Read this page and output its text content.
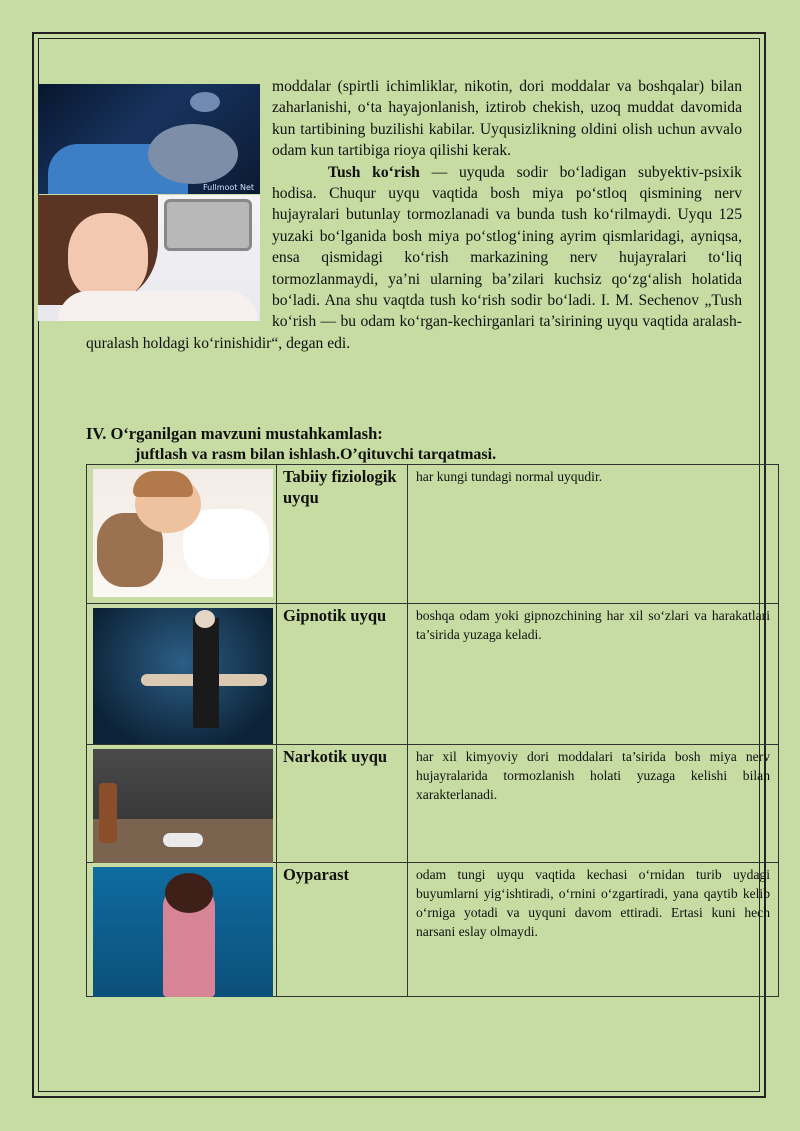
Fullmoot Net

moddalar (spirtli ichimliklar, nikotin, dori moddalar va boshqalar) bilan zaharlanishi, o‘ta hayajonlanish, iztirob chekish, uzoq muddat davomida kun tartibining buzilishi kabilar. Uyqusizlikning oldini olish uchun avvalo odam kun tartibiga rioya qilishi kerak.

Tush ko‘rish — uyquda sodir bo‘ladigan subyektiv-psixik hodisa. Chuqur uyqu vaqtida bosh miya po‘stloq qismining nerv hujayralari butunlay tormozlanadi va bunda tush ko‘rilmaydi. Uyqu 125 yuzaki bo‘lganida bosh miya po‘stlog‘ining ayrim qismlaridagi, ayniqsa, ensa qismidagi ko‘rish markazining nerv hujayralari to‘liq tormozlanmaydi, ya’ni ularning ba’zilari kuchsiz qo‘zg‘alish holatida bo‘ladi. Ana shu vaqtda tush ko‘rish sodir bo‘ladi. I. M. Sechenov „Tush ko‘rish — bu odam ko‘rgan-kechirganlari ta’sirining uyqu vaqtida aralash-quralash holdagi ko‘rinishidir“, degan edi.

IV. O‘rganilgan mavzuni mustahkamlash:
juftlash va rasm bilan ishlash.O’qituvchi tarqatmasi.

	Tabiiy fiziologik uyqu	har kungi tundagi normal uyqudir.

	Gipnotik uyqu	boshqa odam yoki gipnozchining har xil so‘zlari va harakatlari ta’sirida yuzaga keladi.

	Narkotik uyqu	har xil kimyoviy dori moddalari ta’sirida bosh miya nerv hujayralarida tormozlanish holati yuzaga kelishi bilan xarakterlanadi.

	Oyparast	odam tungi uyqu vaqtida kechasi o‘rnidan turib uydagi buyumlarni yig‘ishtiradi, o‘rnini o‘zgartiradi, yana qaytib kelib o‘rniga yotadi va uyquni davom ettiradi. Ertasi kuni hech narsani eslay olmaydi.
